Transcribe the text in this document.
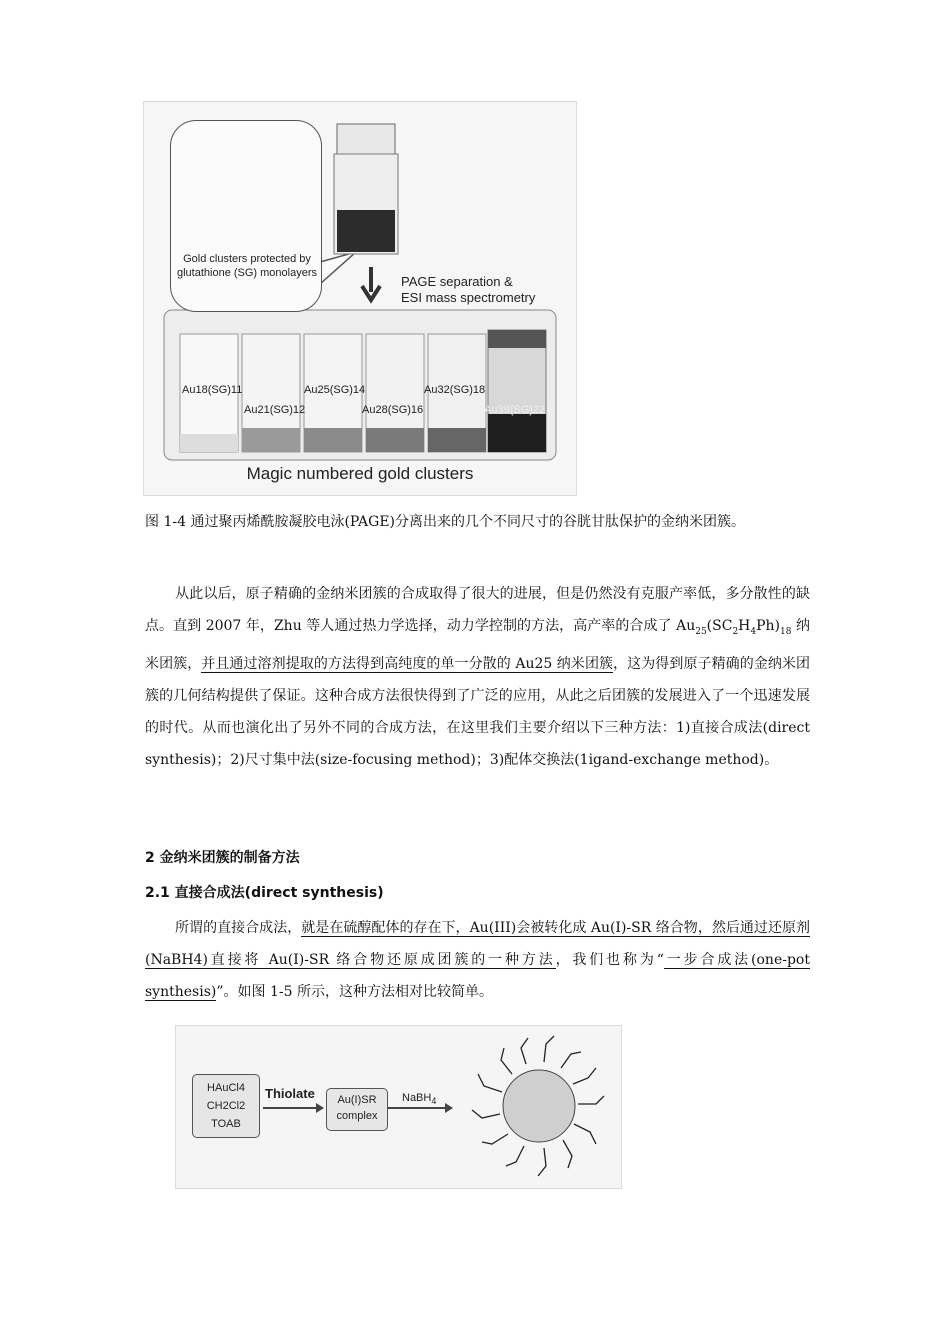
Gold clusters protected by glutathione (SG) monolayers
PAGE separation &
ESI mass spectrometry
Au18(SG)11
Au21(SG)12
Au25(SG)14
Au28(SG)16
Au32(SG)18
Au39(SG)22
Magic numbered gold clusters
图 1-4 通过聚丙烯酰胺凝胶电泳(PAGE)分离出来的几个不同尺寸的谷胱甘肽保护的金纳米团簇。
从此以后，原子精确的金纳米团簇的合成取得了很大的进展，但是仍然没有克服产率低，多分散性的缺点。直到 2007 年，Zhu 等人通过热力学选择，动力学控制的方法，高产率的合成了 $Au_{25}(SC_2H_4Ph)_{18}$ 纳米团簇，并且通过溶剂提取的方法得到高纯度的单一分散的 Au25 纳米团簇，这为得到原子精确的金纳米团簇的几何结构提供了保证。这种合成方法很快得到了广泛的应用，从此之后团簇的发展进入了一个迅速发展的时代。从而也演化出了另外不同的合成方法，在这里我们主要介绍以下三种方法：1)直接合成法(direct synthesis)；2)尺寸集中法(size-focusing method)；3)配体交换法(1igand-exchange method)。
2 金纳米团簇的制备方法
2.1 直接合成法(direct synthesis)
所谓的直接合成法，就是在硫醇配体的存在下，Au(III)会被转化成 Au(I)-SR 络合物，然后通过还原剂(NaBH4)直接将 Au(I)-SR 络合物还原成团簇的一种方法，我们也称为“一步合成法(one-pot synthesis)”。如图 1-5 所示，这种方法相对比较简单。
HAuCl4
CH2Cl2
TOAB
Thiolate	Au(I)SR
complex
NaBH$_4$
